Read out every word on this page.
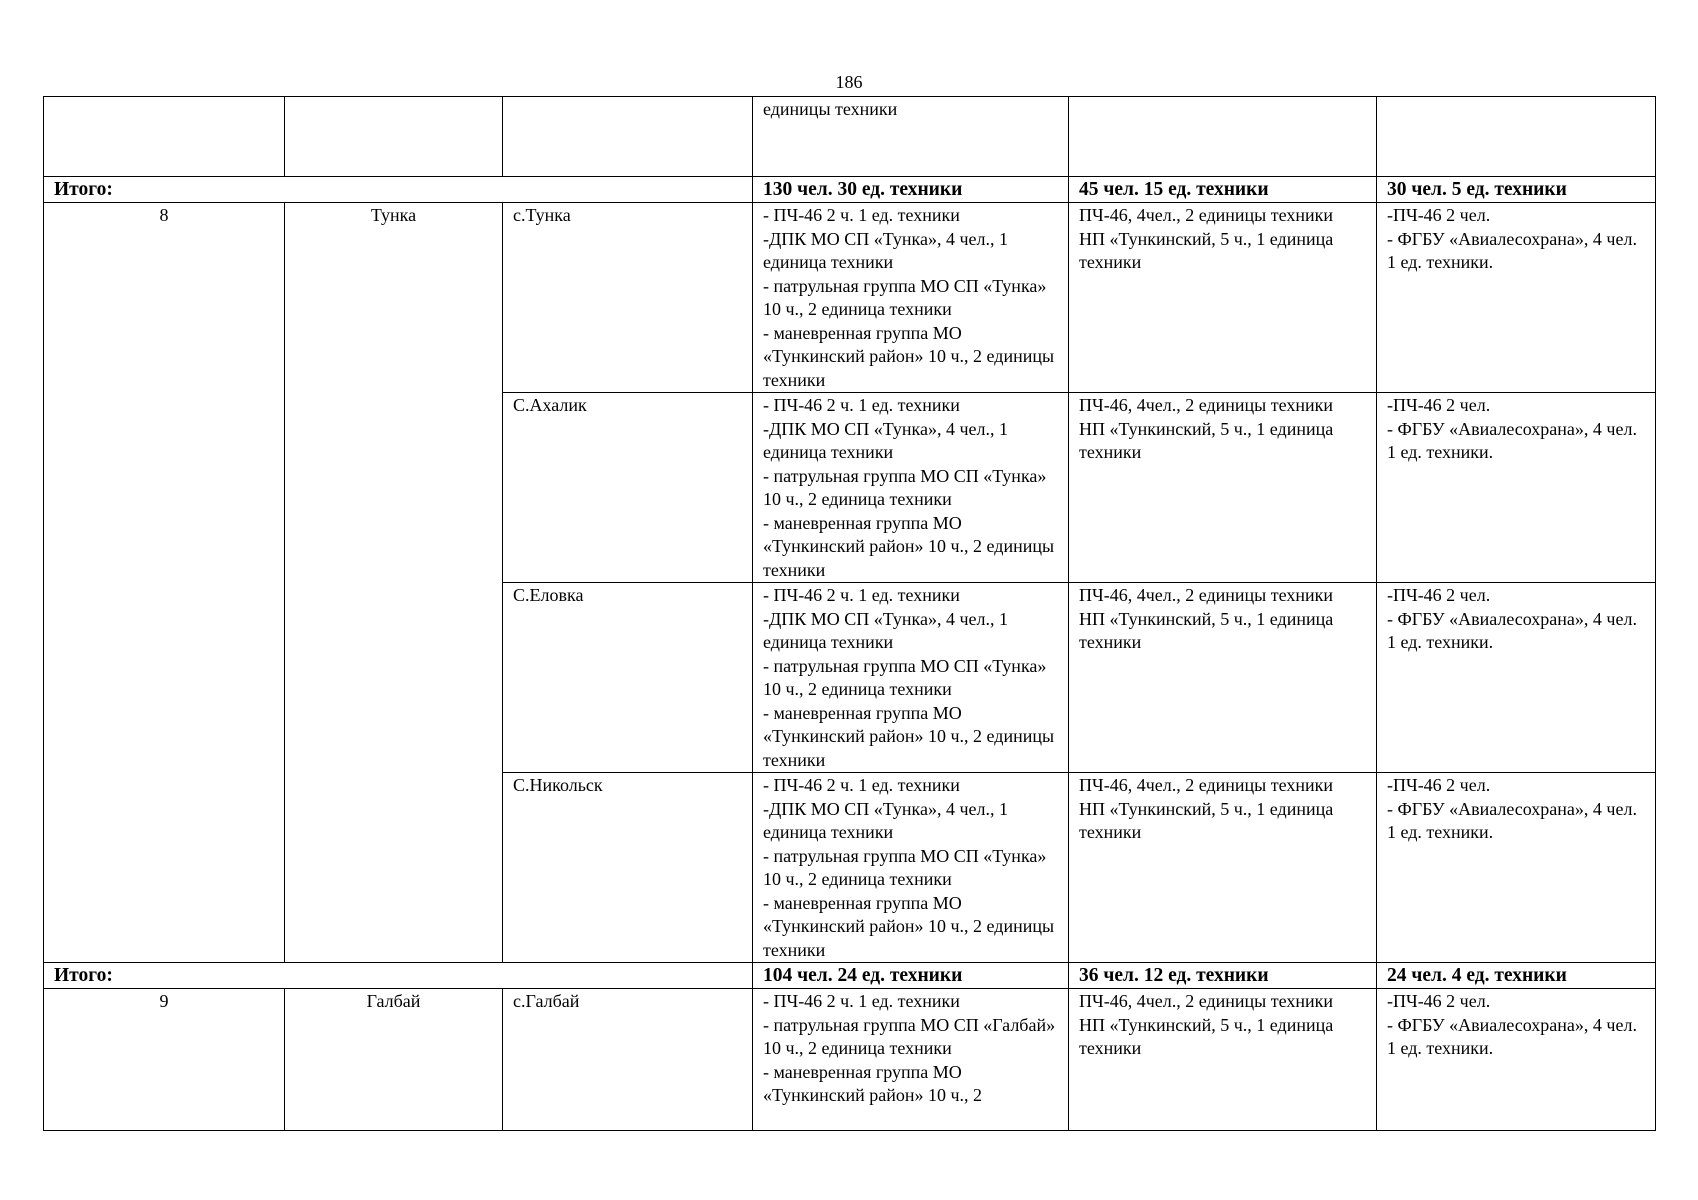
186
			единицы техники		
Итого:			130 чел. 30 ед. техники	45 чел. 15 ед. техники	30 чел. 5 ед. техники
8	Тунка	с.Тунка	- ПЧ-46 2 ч. 1 ед. техники
-ДПК МО СП «Тунка», 4 чел., 1 единица техники
- патрульная группа МО СП «Тунка» 10 ч., 2 единица техники
- маневренная группа МО «Тункинский район» 10 ч., 2 единицы техники	ПЧ-46, 4чел., 2 единицы техники
НП «Тункинский, 5 ч., 1 единица техники	-ПЧ-46 2 чел.
- ФГБУ «Авиалесохрана», 4 чел. 1 ед. техники.
		С.Ахалик	- ПЧ-46 2 ч. 1 ед. техники
-ДПК МО СП «Тунка», 4 чел., 1 единица техники
- патрульная группа МО СП «Тунка» 10 ч., 2 единица техники
- маневренная группа МО «Тункинский район» 10 ч., 2 единицы техники	ПЧ-46, 4чел., 2 единицы техники
НП «Тункинский, 5 ч., 1 единица техники	-ПЧ-46 2 чел.
- ФГБУ «Авиалесохрана», 4 чел. 1 ед. техники.
		С.Еловка	- ПЧ-46 2 ч. 1 ед. техники
-ДПК МО СП «Тунка», 4 чел., 1 единица техники
- патрульная группа МО СП «Тунка» 10 ч., 2 единица техники
- маневренная группа МО «Тункинский район» 10 ч., 2 единицы техники	ПЧ-46, 4чел., 2 единицы техники
НП «Тункинский, 5 ч., 1 единица техники	-ПЧ-46 2 чел.
- ФГБУ «Авиалесохрана», 4 чел. 1 ед. техники.
		С.Никольск	- ПЧ-46 2 ч. 1 ед. техники
-ДПК МО СП «Тунка», 4 чел., 1 единица техники
- патрульная группа МО СП «Тунка» 10 ч., 2 единица техники
- маневренная группа МО «Тункинский район» 10 ч., 2 единицы техники	ПЧ-46, 4чел., 2 единицы техники
НП «Тункинский, 5 ч., 1 единица техники	-ПЧ-46 2 чел.
- ФГБУ «Авиалесохрана», 4 чел. 1 ед. техники.
Итого:			104 чел. 24 ед. техники	36 чел. 12 ед. техники	24 чел. 4 ед. техники
9	Галбай	с.Галбай	- ПЧ-46 2 ч. 1 ед. техники
- патрульная группа МО СП «Галбай» 10 ч., 2 единица техники
- маневренная группа МО «Тункинский район» 10 ч., 2	ПЧ-46, 4чел., 2 единицы техники
НП «Тункинский, 5 ч., 1 единица техники	-ПЧ-46 2 чел.
- ФГБУ «Авиалесохрана», 4 чел. 1 ед. техники.
